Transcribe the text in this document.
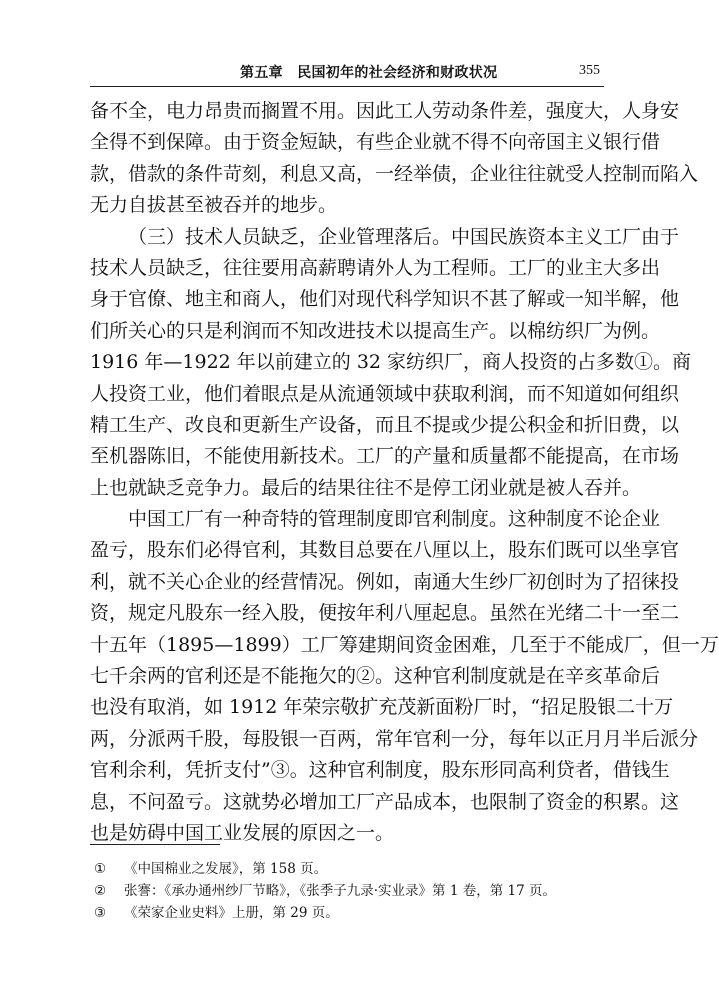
第五章　民国初年的社会经济和财政状况	355
备不全，电力昂贵而搁置不用。因此工人劳动条件差，强度大，人身安
全得不到保障。由于资金短缺，有些企业就不得不向帝国主义银行借
款，借款的条件苛刻，利息又高，一经举债，企业往往就受人控制而陷入
无力自拔甚至被吞并的地步。
（三）技术人员缺乏，企业管理落后。中国民族资本主义工厂由于
技术人员缺乏，往往要用高薪聘请外人为工程师。工厂的业主大多出
身于官僚、地主和商人，他们对现代科学知识不甚了解或一知半解，他
们所关心的只是利润而不知改进技术以提高生产。以棉纺织厂为例。
1916 年—1922 年以前建立的 32 家纺织厂，商人投资的占多数①。商
人投资工业，他们着眼点是从流通领域中获取利润，而不知道如何组织
精工生产、改良和更新生产设备，而且不提或少提公积金和折旧费，以
至机器陈旧，不能使用新技术。工厂的产量和质量都不能提高，在市场
上也就缺乏竞争力。最后的结果往往不是停工闭业就是被人吞并。
中国工厂有一种奇特的管理制度即官利制度。这种制度不论企业
盈亏，股东们必得官利，其数目总要在八厘以上，股东们既可以坐享官
利，就不关心企业的经营情况。例如，南通大生纱厂初创时为了招徕投
资，规定凡股东一经入股，便按年利八厘起息。虽然在光绪二十一至二
十五年（1895—1899）工厂筹建期间资金困难，几至于不能成厂，但一万
七千余两的官利还是不能拖欠的②。这种官利制度就是在辛亥革命后
也没有取消，如 1912 年荣宗敬扩充茂新面粉厂时，“招足股银二十万
两，分派两千股，每股银一百两，常年官利一分，每年以正月月半后派分
官利余利，凭折支付”③。这种官利制度，股东形同高利贷者，借钱生
息，不问盈亏。这就势必增加工厂产品成本，也限制了资金的积累。这
也是妨碍中国工业发展的原因之一。
① 《中国棉业之发展》，第 158 页。
② 张謇：《承办通州纱厂节略》，《张季子九录·实业录》第 1 卷，第 17 页。
③ 《荣家企业史料》上册，第 29 页。
